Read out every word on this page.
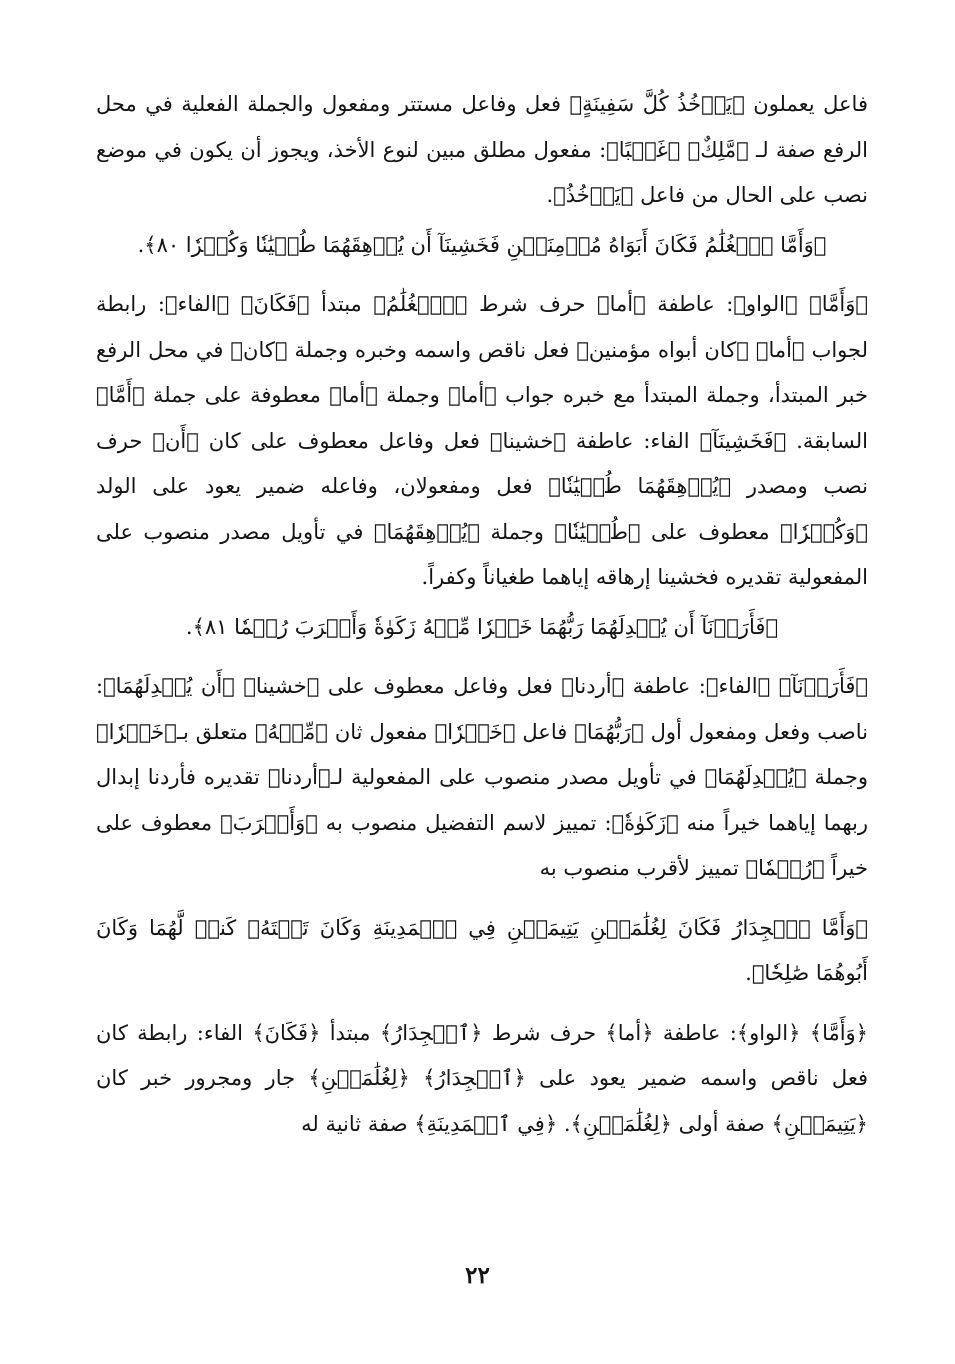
فاعل يعملون ﴿يَأۡخُذُ كُلَّ سَفِينَةٍ﴾ فعل وفاعل مستتر ومفعول والجملة الفعلية في محل الرفع صفة لـ ﴿مَّلِكٌ﴾ ﴿غَصۡبًا﴾: مفعول مطلق مبين لنوع الأخذ، ويجوز أن يكون في موضع نصب على الحال من فاعل ﴿يَأۡخُذُ﴾.

﴿وَأَمَّا ٱلۡغُلَٰمُ فَكَانَ أَبَوَاهُ مُؤۡمِنَيۡنِ فَخَشِينَآ أَن يُرۡهِقَهُمَا طُغۡيَٰنٗا وَكُفۡرٗا ٨٠﴾.

﴿وَأَمَّا﴾ ﴿الواو﴾: عاطفة ﴿أما﴾ حرف شرط ﴿ٱلۡغُلَٰمُ﴾ مبتدأ ﴿فَكَانَ﴾ ﴿الفاء﴾: رابطة لجواب ﴿أما﴾ ﴿كان أبواه مؤمنين﴾ فعل ناقص واسمه وخبره وجملة ﴿كان﴾ في محل الرفع خبر المبتدأ، وجملة المبتدأ مع خبره جواب ﴿أما﴾ وجملة ﴿أما﴾ معطوفة على جملة ﴿أَمَّا﴾ السابقة. ﴿فَخَشِينَآ﴾ الفاء: عاطفة ﴿خشينا﴾ فعل وفاعل معطوف على كان ﴿أَن﴾ حرف نصب ومصدر ﴿يُرۡهِقَهُمَا طُغۡيَٰنٗا﴾ فعل ومفعولان، وفاعله ضمير يعود على الولد ﴿وَكُفۡرٗا﴾ معطوف على ﴿طُغۡيَٰنٗا﴾ وجملة ﴿يُرۡهِقَهُمَا﴾ في تأويل مصدر منصوب على المفعولية تقديره فخشينا إرهاقه إياهما طغياناً وكفراً.

﴿فَأَرَدۡنَآ أَن يُبۡدِلَهُمَا رَبُّهُمَا خَيۡرٗا مِّنۡهُ زَكَوٰةٗ وَأَقۡرَبَ رُحۡمٗا ٨١﴾.

﴿فَأَرَدۡنَآ﴾ ﴿الفاء﴾: عاطفة ﴿أردنا﴾ فعل وفاعل معطوف على ﴿خشينا﴾ ﴿أَن يُبۡدِلَهُمَا﴾: ناصب وفعل ومفعول أول ﴿رَبُّهُمَا﴾ فاعل ﴿خَيۡرٗا﴾ مفعول ثان ﴿مِّنۡهُ﴾ متعلق بـ﴿خَيۡرٗا﴾ وجملة ﴿يُبۡدِلَهُمَا﴾ في تأويل مصدر منصوب على المفعولية لـ﴿أردنا﴾ تقديره فأردنا إبدال ربهما إياهما خيراً منه ﴿زَكَوٰةٗ﴾: تمييز لاسم التفضيل منصوب به ﴿وَأَقۡرَبَ﴾ معطوف على خيراً ﴿رُحۡمٗا﴾ تمييز لأقرب منصوب به

﴿وَأَمَّا ٱلۡجِدَارُ فَكَانَ لِغُلَٰمَيۡنِ يَتِيمَيۡنِ فِي ٱلۡمَدِينَةِ وَكَانَ تَحۡتَهُۥ كَنزٞ لَّهُمَا وَكَانَ أَبُوهُمَا صَٰلِحٗا﴾.

﴿وَأَمَّا﴾ ﴿الواو﴾: عاطفة ﴿أما﴾ حرف شرط ﴿ٱلۡجِدَارُ﴾ مبتدأ ﴿فَكَانَ﴾ الفاء: رابطة كان فعل ناقص واسمه ضمير يعود على ﴿ٱلۡجِدَارُ﴾ ﴿لِغُلَٰمَيۡنِ﴾ جار ومجرور خبر كان ﴿يَتِيمَيۡنِ﴾ صفة أولى ﴿لِغُلَٰمَيۡنِ﴾. ﴿فِي ٱلۡمَدِينَةِ﴾ صفة ثانية له

٢٢
